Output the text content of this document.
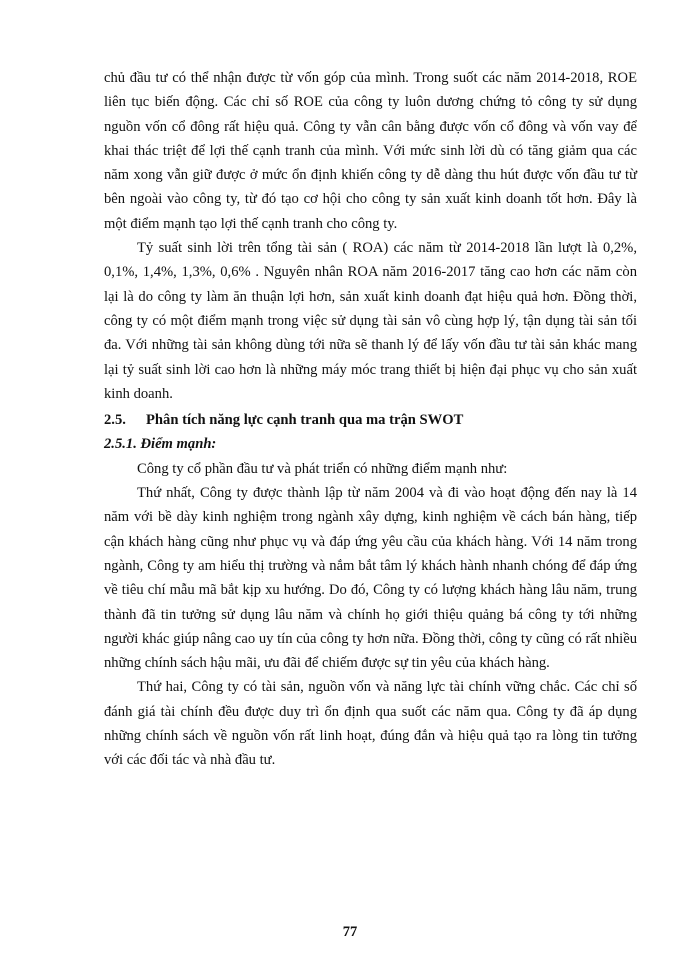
chủ đầu tư có thể nhận được từ vốn góp của mình. Trong suốt các năm 2014-2018, ROE liên tục biến động. Các chỉ số ROE của công ty luôn dương chứng tỏ công ty sử dụng nguồn vốn cổ đông rất hiệu quả. Công ty vẫn cân bằng được vốn cổ đông và vốn vay để khai thác triệt để lợi thế cạnh tranh của mình. Với mức sinh lời dù có tăng giảm qua các năm xong vẫn giữ được ở mức ổn định khiến công ty dễ dàng thu hút được vốn đầu tư từ bên ngoài vào công ty, từ đó tạo cơ hội cho công ty sản xuất kinh doanh tốt hơn. Đây là một điểm mạnh tạo lợi thế cạnh tranh cho công ty.

Tỷ suất sinh lời trên tổng tài sản ( ROA) các năm từ 2014-2018 lần lượt là 0,2%, 0,1%, 1,4%, 1,3%, 0,6% . Nguyên nhân ROA năm 2016-2017 tăng cao hơn các năm còn lại là do công ty làm ăn thuận lợi hơn, sản xuất kinh doanh đạt hiệu quả hơn. Đồng thời, công ty có một điểm mạnh trong việc sử dụng tài sản vô cùng hợp lý, tận dụng tài sản tối đa. Với những tài sản không dùng tới nữa sẽ thanh lý để lấy vốn đầu tư tài sản khác mang lại tỷ suất sinh lời cao hơn là những máy móc trang thiết bị hiện đại phục vụ cho sản xuất kinh doanh.

2.5. Phân tích năng lực cạnh tranh qua ma trận SWOT

2.5.1. Điểm mạnh:

Công ty cổ phần đầu tư và phát triển có những điểm mạnh như:

Thứ nhất, Công ty được thành lập từ năm 2004 và đi vào hoạt động đến nay là 14 năm với bề dày kinh nghiệm trong ngành xây dựng, kinh nghiệm về cách bán hàng, tiếp cận khách hàng cũng như phục vụ và đáp ứng yêu cầu của khách hàng. Với 14 năm trong ngành, Công ty am hiểu thị trường và nắm bắt tâm lý khách hành nhanh chóng để đáp ứng về tiêu chí mẫu mã bắt kịp xu hướng. Do đó, Công ty có lượng khách hàng lâu năm, trung thành đã tin tưởng sử dụng lâu năm và chính họ giới thiệu quảng bá công ty tới những người khác giúp nâng cao uy tín của công ty hơn nữa. Đồng thời, công ty cũng có rất nhiều những chính sách hậu mãi, ưu đãi để chiếm được sự tin yêu của khách hàng.

Thứ hai, Công ty có tài sản, nguồn vốn và năng lực tài chính vững chắc. Các chỉ số đánh giá tài chính đều được duy trì ổn định qua suốt các năm qua. Công ty đã áp dụng những chính sách về nguồn vốn rất linh hoạt, đúng đắn và hiệu quả tạo ra lòng tin tưởng với các đối tác và nhà đầu tư.

77
